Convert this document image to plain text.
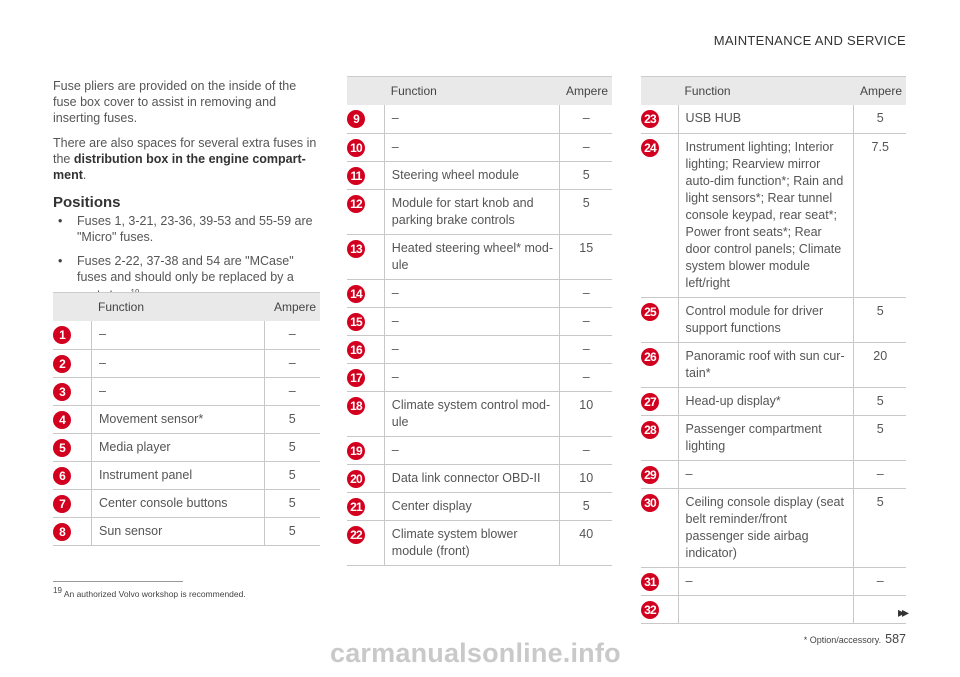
MAINTENANCE AND SERVICE

Fuse pliers are provided on the inside of the fuse box cover to assist in removing and inserting fuses.

There are also spaces for several extra fuses in the distribution box in the engine compartment.

Positions
• Fuses 1, 3-21, 23-36, 39-53 and 55-59 are "Micro" fuses.
• Fuses 2-22, 37-38 and 54 are "MCase" fuses and should only be replaced by a
	Function	Ampere
1	–	–
2	–	–
3	–	–
4	Movement sensor*	5
5	Media player	5
6	Instrument panel	5
7	Center console buttons	5
8	Sun sensor	5
	Function	Ampere
9	–	–
10	–	–
11	Steering wheel module	5
12	Module for start knob and parking brake controls	5
13	Heated steering wheel* module	15
14	–	–
15	–	–
16	–	–
17	–	–
18	Climate system control module	10
19	–	–
20	Data link connector OBD-II	10
21	Center display	5
22	Climate system blower module (front)	40
	Function	Ampere
23	USB HUB	5
24	Instrument lighting; Interior lighting; Rearview mirror auto-dim function*; Rain and light sensors*; Rear tunnel console keypad, rear seat*; Power front seats*; Rear door control panels; Climate system blower module left/right	7.5
25	Control module for driver support functions	5
26	Panoramic roof with sun curtain*	20
27	Head-up display*	5
28	Passenger compartment lighting	5
29	–	–
30	Ceiling console display (seat belt reminder/front passenger side airbag indicator)	5
31	–	–
32		
$^{19}$ An authorized Volvo workshop is recommended.
▸▸
* Option/accessory. 587
carmanualsonline.info
